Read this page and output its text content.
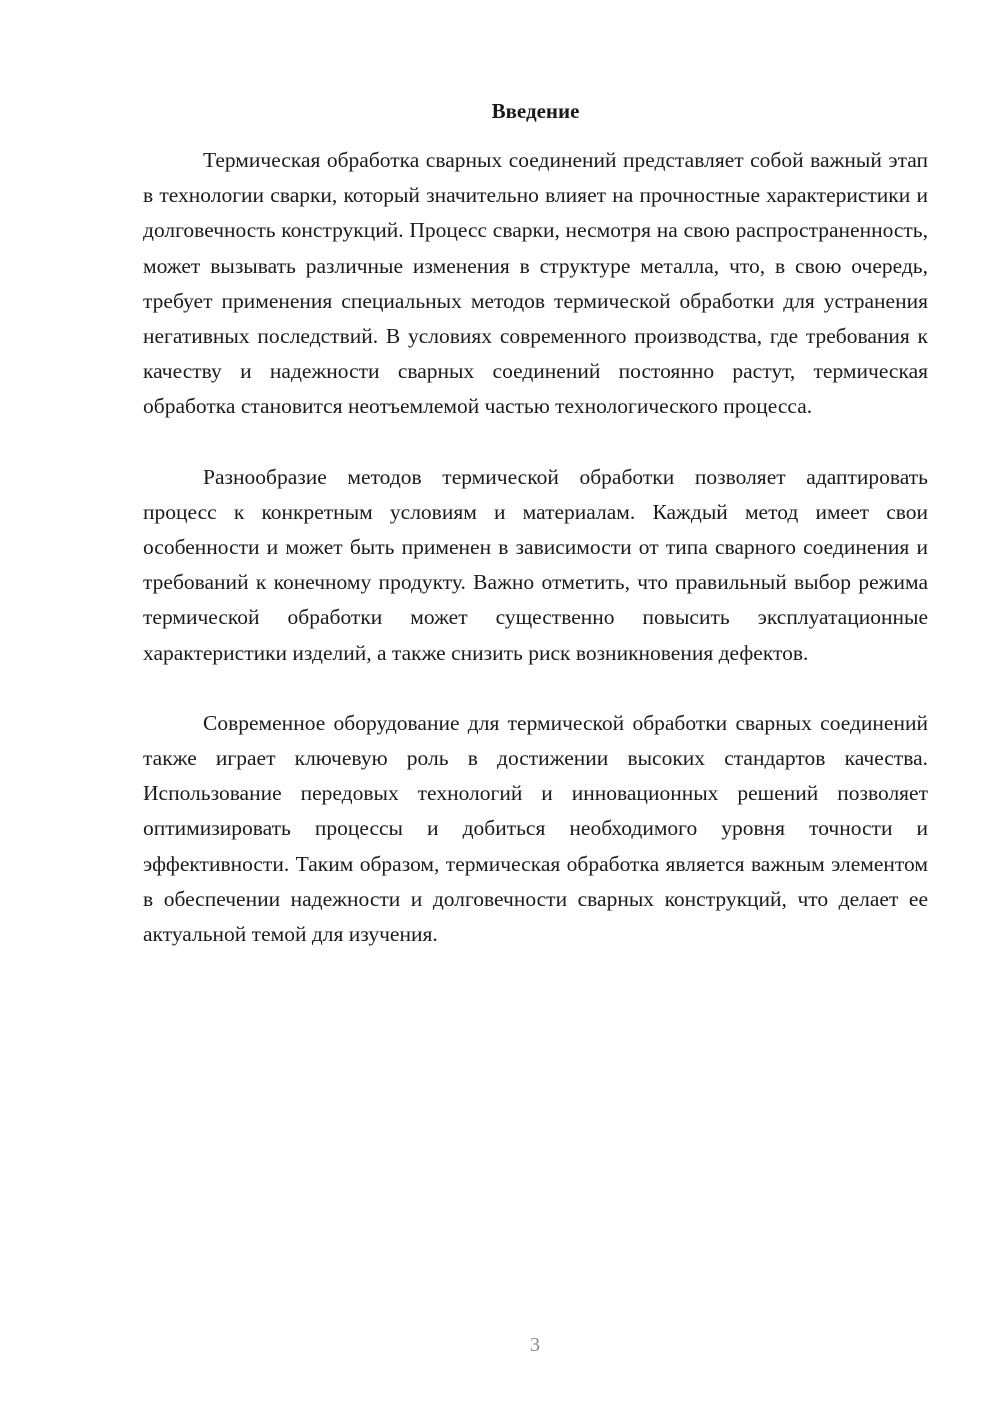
Введение

Термическая обработка сварных соединений представляет собой важный этап в технологии сварки, который значительно влияет на прочностные характеристики и долговечность конструкций. Процесс сварки, несмотря на свою распространенность, может вызывать различные изменения в структуре металла, что, в свою очередь, требует применения специальных методов термической обработки для устранения негативных последствий. В условиях современного производства, где требования к качеству и надежности сварных соединений постоянно растут, термическая обработка становится неотъемлемой частью технологического процесса.

Разнообразие методов термической обработки позволяет адаптировать процесс к конкретным условиям и материалам. Каждый метод имеет свои особенности и может быть применен в зависимости от типа сварного соединения и требований к конечному продукту. Важно отметить, что правильный выбор режима термической обработки может существенно повысить эксплуатационные характеристики изделий, а также снизить риск возникновения дефектов.

Современное оборудование для термической обработки сварных соединений также играет ключевую роль в достижении высоких стандартов качества. Использование передовых технологий и инновационных решений позволяет оптимизировать процессы и добиться необходимого уровня точности и эффективности. Таким образом, термическая обработка является важным элементом в обеспечении надежности и долговечности сварных конструкций, что делает ее актуальной темой для изучения.

3
